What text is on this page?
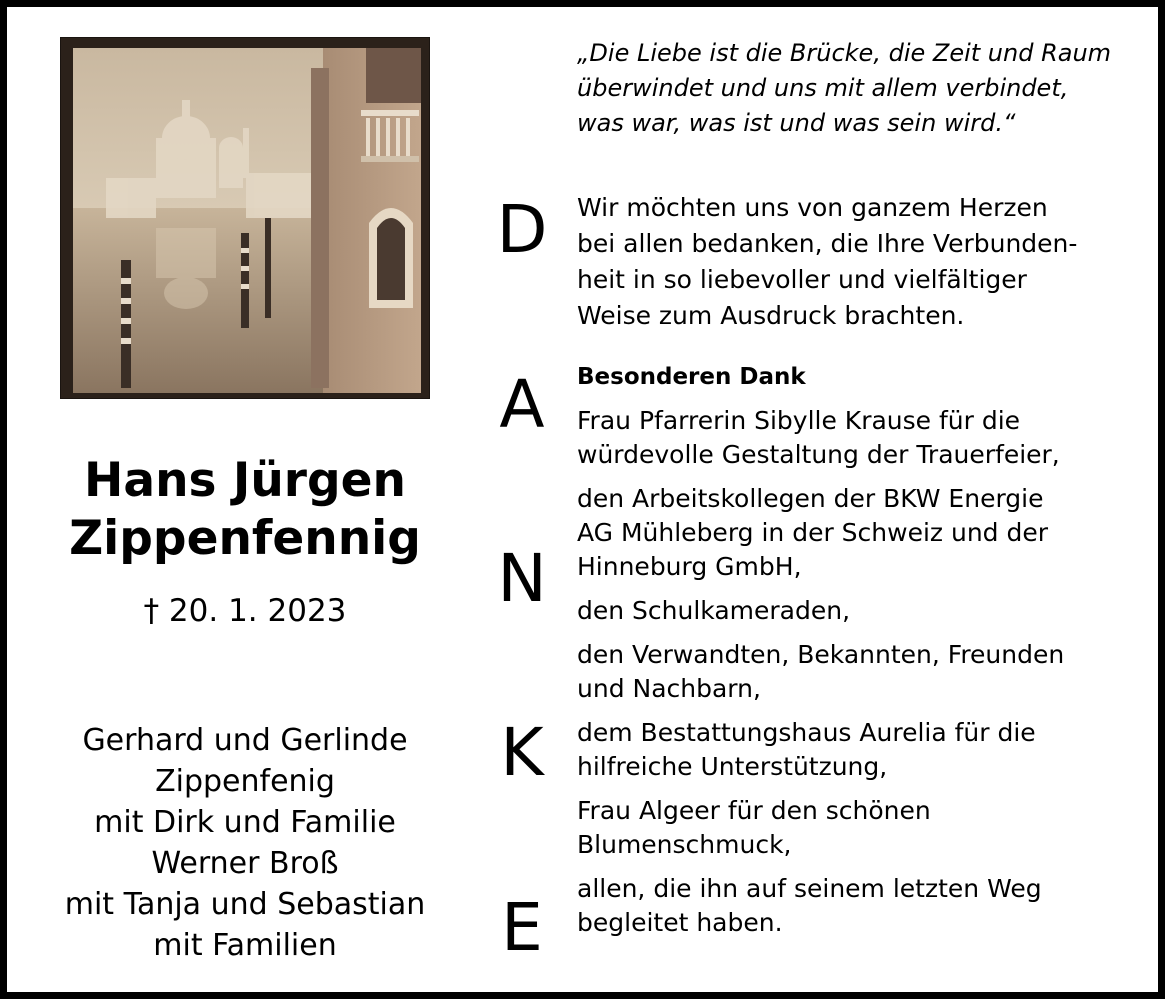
Hans Jürgen
Zippenfennig
† 20. 1. 2023
Gerhard und Gerlinde
Zippenfenig
mit Dirk und Familie
Werner Broß
mit Tanja und Sebastian
mit Familien
D
A
N
K
E
„Die Liebe ist die Brücke, die Zeit und Raum
überwindet und uns mit allem verbindet,
was war, was ist und was sein wird.“
Wir möchten uns von ganzem Herzen
bei allen bedanken, die Ihre Verbunden-
heit in so liebevoller und vielfältiger
Weise zum Ausdruck brachten.
Besonderen Dank
Frau Pfarrerin Sibylle Krause für die
würdevolle Gestaltung der Trauerfeier,
den Arbeitskollegen der BKW Energie
AG Mühleberg in der Schweiz und der
Hinneburg GmbH,
den Schulkameraden,
den Verwandten, Bekannten, Freunden
und Nachbarn,
dem Bestattungshaus Aurelia für die
hilfreiche Unterstützung,
Frau Algeer für den schönen
Blumenschmuck,
allen, die ihn auf seinem letzten Weg
begleitet haben.
